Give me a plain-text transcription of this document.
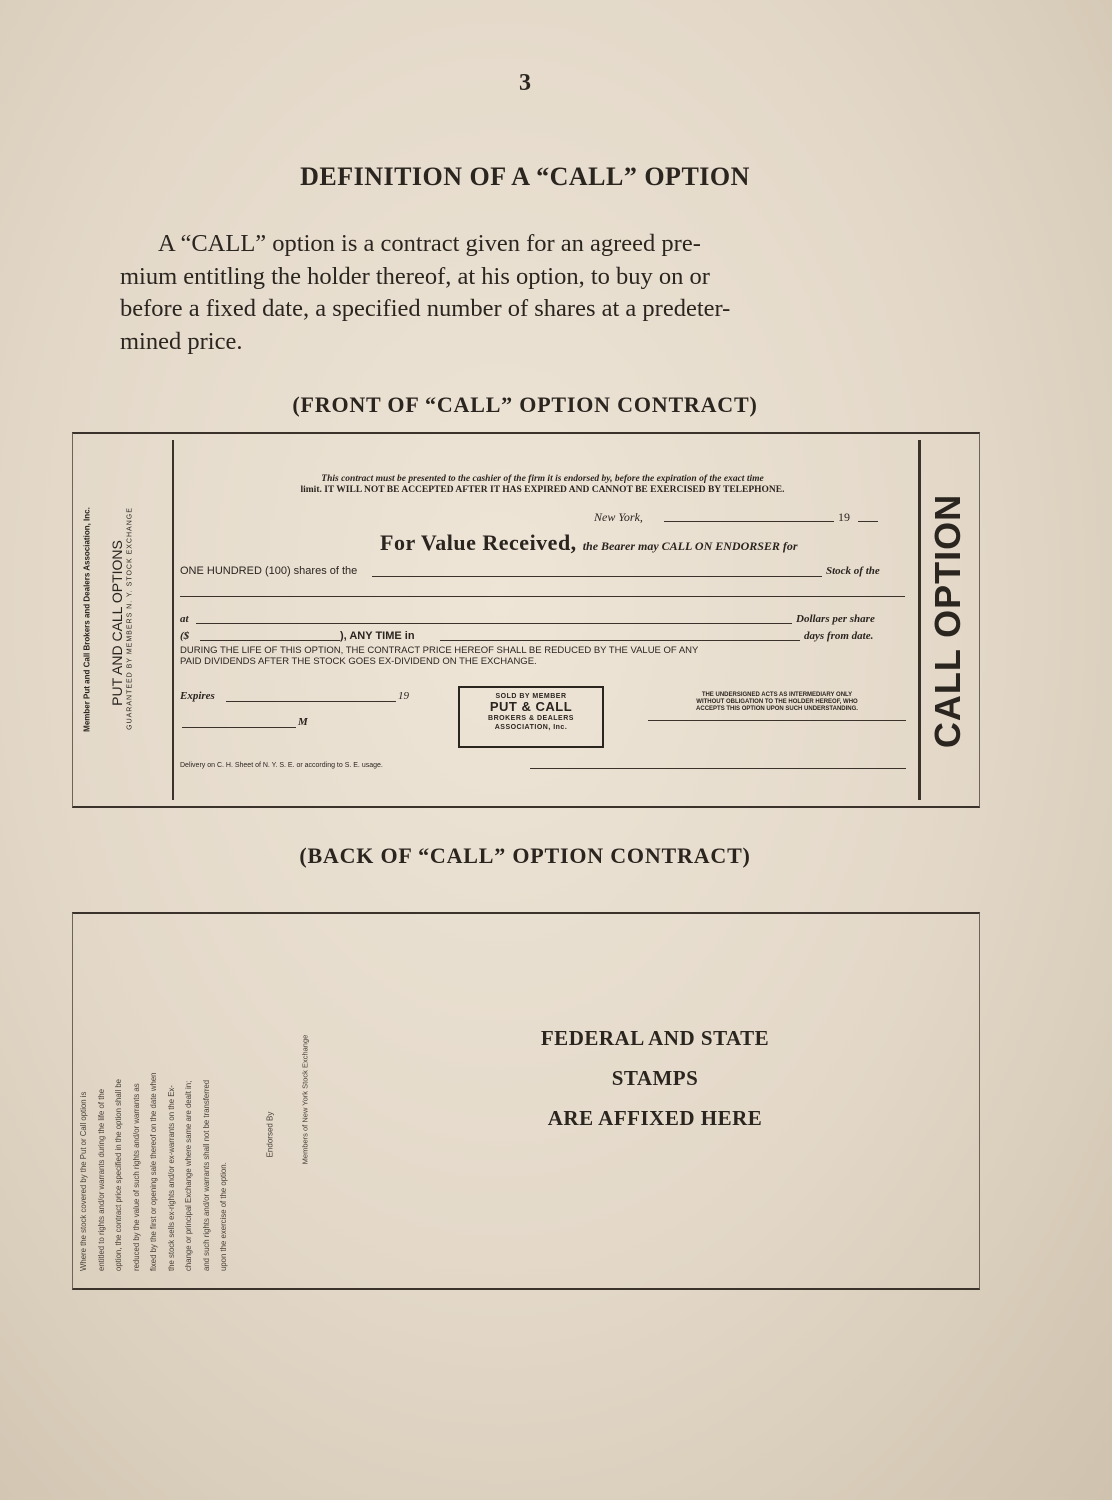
3
DEFINITION OF A “CALL” OPTION
A “CALL” option is a contract given for an agreed pre-
mium entitling the holder thereof, at his option, to buy on or
before a fixed date, a specified number of shares at a predeter-
mined price.
(FRONT OF “CALL” OPTION CONTRACT)
Member Put and Call Brokers and Dealers Association, Inc. PUT AND CALL OPTIONS GUARANTEED BY MEMBERS N. Y. STOCK EXCHANGE
This contract must be presented to the cashier of the firm it is endorsed by, before the expiration of the exact time
limit. IT WILL NOT BE ACCEPTED AFTER IT HAS EXPIRED AND CANNOT BE EXERCISED BY TELEPHONE.
New York,	19
For Value Received, the Bearer may CALL ON ENDORSER for
ONE HUNDRED (100) shares of the	Stock of the
at	Dollars per share
($	), ANY TIME in	days from date.
DURING THE LIFE OF THIS OPTION, THE CONTRACT PRICE HEREOF SHALL BE REDUCED BY THE VALUE OF ANY
PAID DIVIDENDS AFTER THE STOCK GOES EX-DIVIDEND ON THE EXCHANGE.
Expires	19
M
SOLD BY MEMBER
PUT & CALL
BROKERS & DEALERS
ASSOCIATION, Inc.
THE UNDERSIGNED ACTS AS INTERMEDIARY ONLY
WITHOUT OBLIGATION TO THE HOLDER HEREOF, WHO
ACCEPTS THIS OPTION UPON SUCH UNDERSTANDING.
Delivery on C. H. Sheet of N. Y. S. E. or according to S. E. usage.
CALL OPTION
(BACK OF “CALL” OPTION CONTRACT)
Where the stock covered by the Put or Call option is	entitled to rights and/or warrants during the life of the	option, the contract price specified in the option shall be	reduced by the value of such rights and/or warrants as	fixed by the first or opening sale thereof on the date when	the stock sells ex-rights and/or ex-warrants on the Ex-	change or principal Exchange where same are dealt in;	and such rights and/or warrants shall not be transferred	upon the exercise of the option.
Endorsed By	Members of New York Stock Exchange	FEDERAL AND STATE
STAMPS
ARE AFFIXED HERE
